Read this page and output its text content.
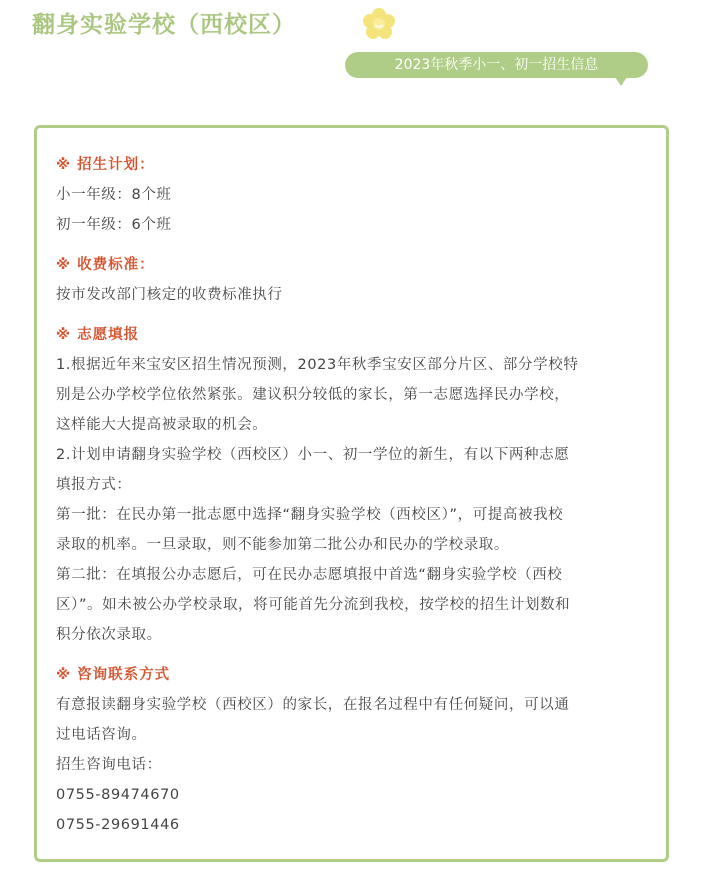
翻身实验学校（西校区）
2023年秋季小一、初一招生信息
※ 招生计划：
小一年级：8个班
初一年级：6个班
※ 收费标准：
按市发改部门核定的收费标准执行
※ 志愿填报
1.根据近年来宝安区招生情况预测，2023年秋季宝安区部分片区、部分学校特
别是公办学校学位依然紧张。建议积分较低的家长，第一志愿选择民办学校，
这样能大大提高被录取的机会。
2.计划申请翻身实验学校（西校区）小一、初一学位的新生，有以下两种志愿
填报方式：
第一批：在民办第一批志愿中选择“翻身实验学校（西校区）”，可提高被我校
录取的机率。一旦录取，则不能参加第二批公办和民办的学校录取。
第二批：在填报公办志愿后，可在民办志愿填报中首选“翻身实验学校（西校
区）”。如未被公办学校录取，将可能首先分流到我校，按学校的招生计划数和
积分依次录取。
※ 咨询联系方式
有意报读翻身实验学校（西校区）的家长，在报名过程中有任何疑问，可以通
过电话咨询。
招生咨询电话：
0755-89474670
0755-29691446
